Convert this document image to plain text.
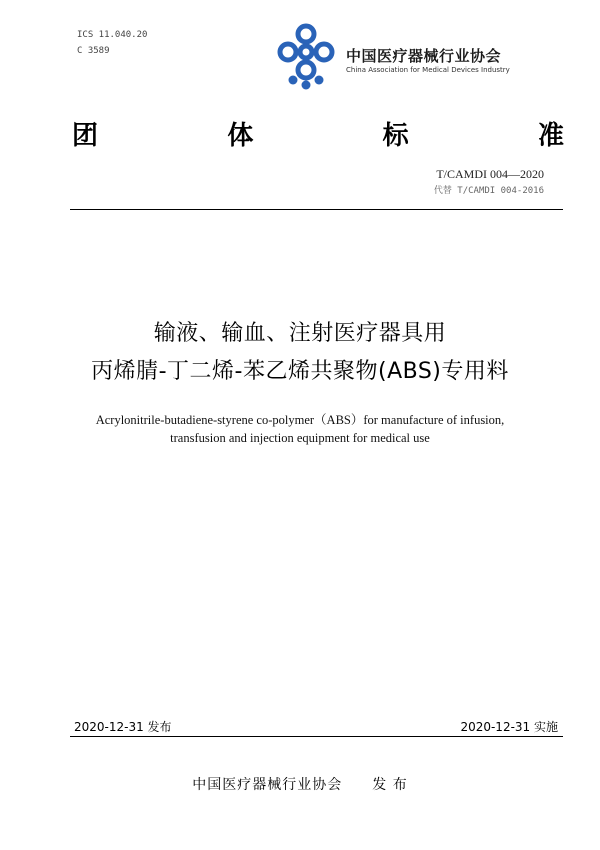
ICS 11.040.20
C 3589	中国医疗器械行业协会
China Association for Medical Devices Industry
团	体	标	准
T/CAMDI 004—2020
代替 T/CAMDI 004-2016
输液、输血、注射医疗器具用
丙烯腈-丁二烯-苯乙烯共聚物(ABS)专用料
Acrylonitrile-butadiene-styrene co-polymer（ABS）for manufacture of infusion,
transfusion and injection equipment for medical use
2020-12-31 发布	2020-12-31 实施
中国医疗器械行业协会　　发 布
